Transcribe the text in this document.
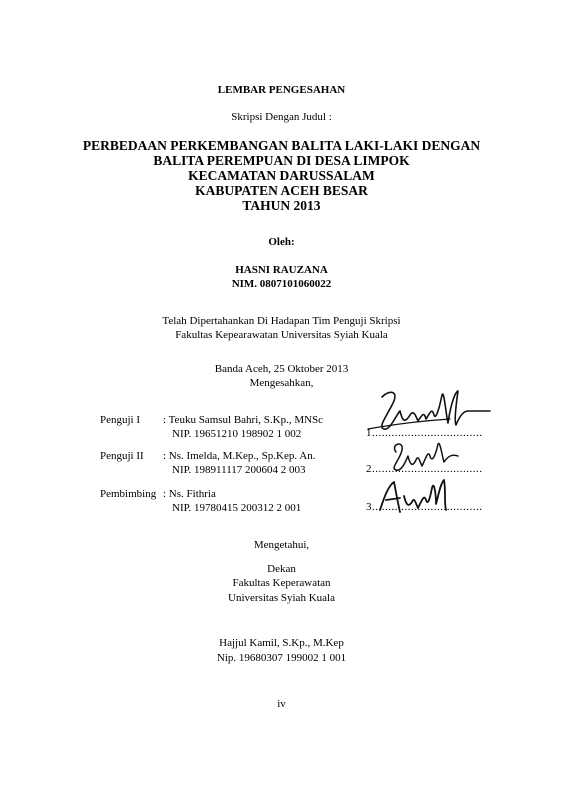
LEMBAR PENGESAHAN
Skripsi Dengan Judul :
PERBEDAAN PERKEMBANGAN BALITA LAKI-LAKI DENGAN
BALITA PEREMPUAN DI DESA LIMPOK
KECAMATAN DARUSSALAM
KABUPATEN ACEH BESAR
TAHUN 2013
Oleh:
HASNI RAUZANA
NIM. 0807101060022
Telah Dipertahankan Di Hadapan Tim Penguji Skripsi
Fakultas Kepearawatan Universitas Syiah Kuala
Banda Aceh, 25 Oktober 2013
Mengesahkan,
Penguji I : Teuku Samsul Bahri, S.Kp., MNSc
NIP. 19651210 198902 1 002	1..................................
Penguji II : Ns. Imelda, M.Kep., Sp.Kep. An.
NIP. 198911117 200604 2 003	2..................................
Pembimbing : Ns. Fithria
NIP. 19780415 200312 2 001	3..................................
Mengetahui,
Dekan
Fakultas Keperawatan
Universitas Syiah Kuala
Hajjul Kamil, S.Kp., M.Kep
Nip. 19680307 199002 1 001
iv
